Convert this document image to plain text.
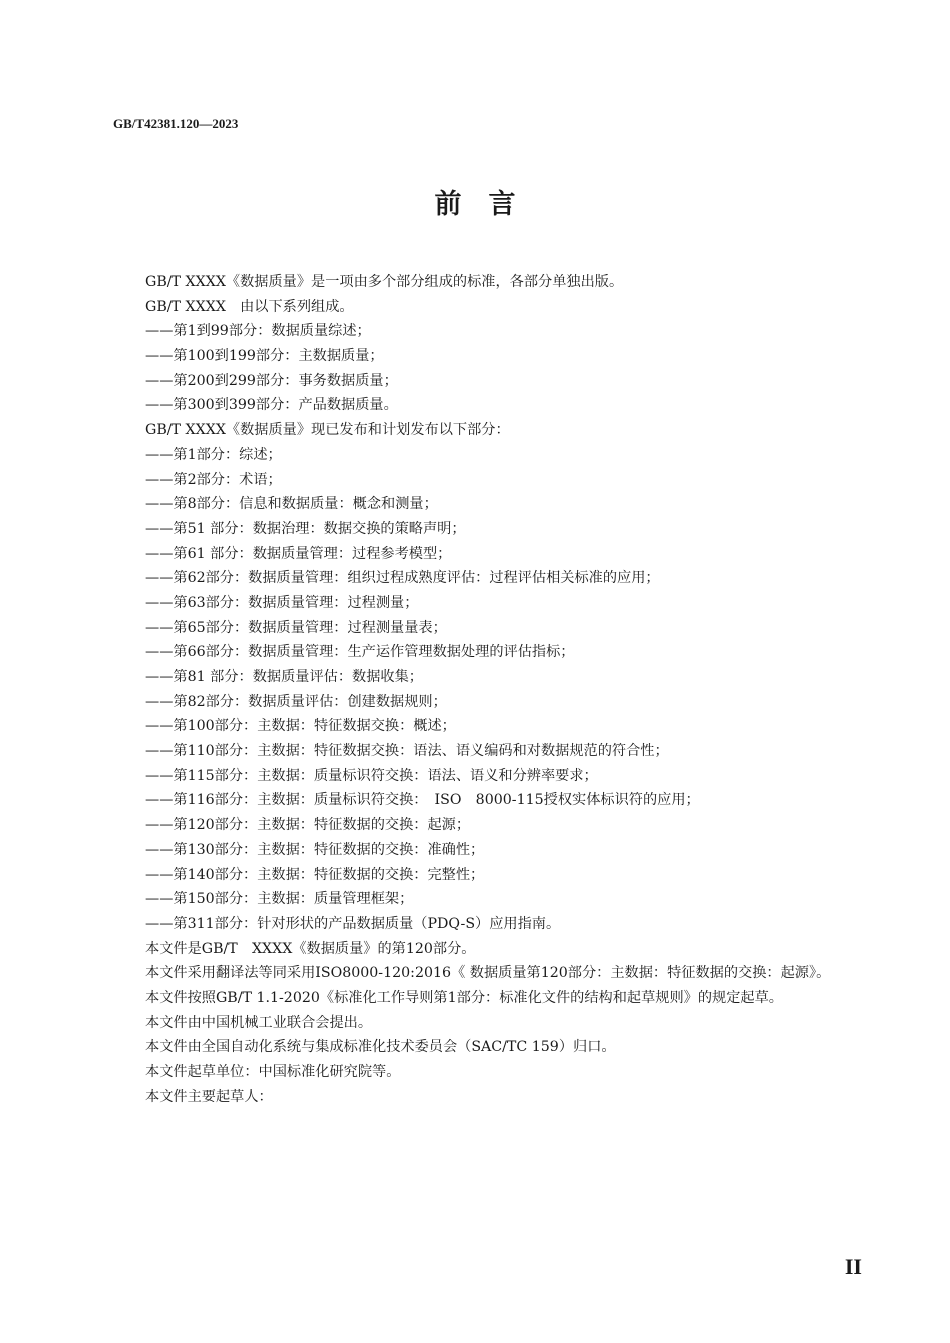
GB/T42381.120—2023
前　言
GB/T XXXX《数据质量》是一项由多个部分组成的标准，各部分单独出版。
GB/T XXXX　由以下系列组成。
——第1到99部分：数据质量综述；
——第100到199部分：主数据质量；
——第200到299部分：事务数据质量；
——第300到399部分：产品数据质量。
GB/T XXXX《数据质量》现已发布和计划发布以下部分：
——第1部分：综述；
——第2部分：术语；
——第8部分：信息和数据质量：概念和测量；
——第51 部分：数据治理：数据交换的策略声明；
——第61 部分：数据质量管理：过程参考模型；
——第62部分：数据质量管理：组织过程成熟度评估：过程评估相关标准的应用；
——第63部分：数据质量管理：过程测量；
——第65部分：数据质量管理：过程测量量表；
——第66部分：数据质量管理：生产运作管理数据处理的评估指标；
——第81 部分：数据质量评估：数据收集；
——第82部分：数据质量评估：创建数据规则；
——第100部分：主数据：特征数据交换：概述；
——第110部分：主数据：特征数据交换：语法、语义编码和对数据规范的符合性；
——第115部分：主数据：质量标识符交换：语法、语义和分辨率要求；
——第116部分：主数据：质量标识符交换：　ISO　8000-115授权实体标识符的应用；
——第120部分：主数据：特征数据的交换：起源；
——第130部分：主数据：特征数据的交换：准确性；
——第140部分：主数据：特征数据的交换：完整性；
——第150部分：主数据：质量管理框架；
——第311部分：针对形状的产品数据质量（PDQ-S）应用指南。
本文件是GB/T　XXXX《数据质量》的第120部分。
本文件采用翻译法等同采用ISO8000-120:2016《 数据质量第120部分：主数据：特征数据的交换：起源》。
本文件按照GB/T 1.1-2020《标准化工作导则第1部分：标准化文件的结构和起草规则》的规定起草。
本文件由中国机械工业联合会提出。
本文件由全国自动化系统与集成标准化技术委员会（SAC/TC 159）归口。
本文件起草单位：中国标准化研究院等。
本文件主要起草人：
II
